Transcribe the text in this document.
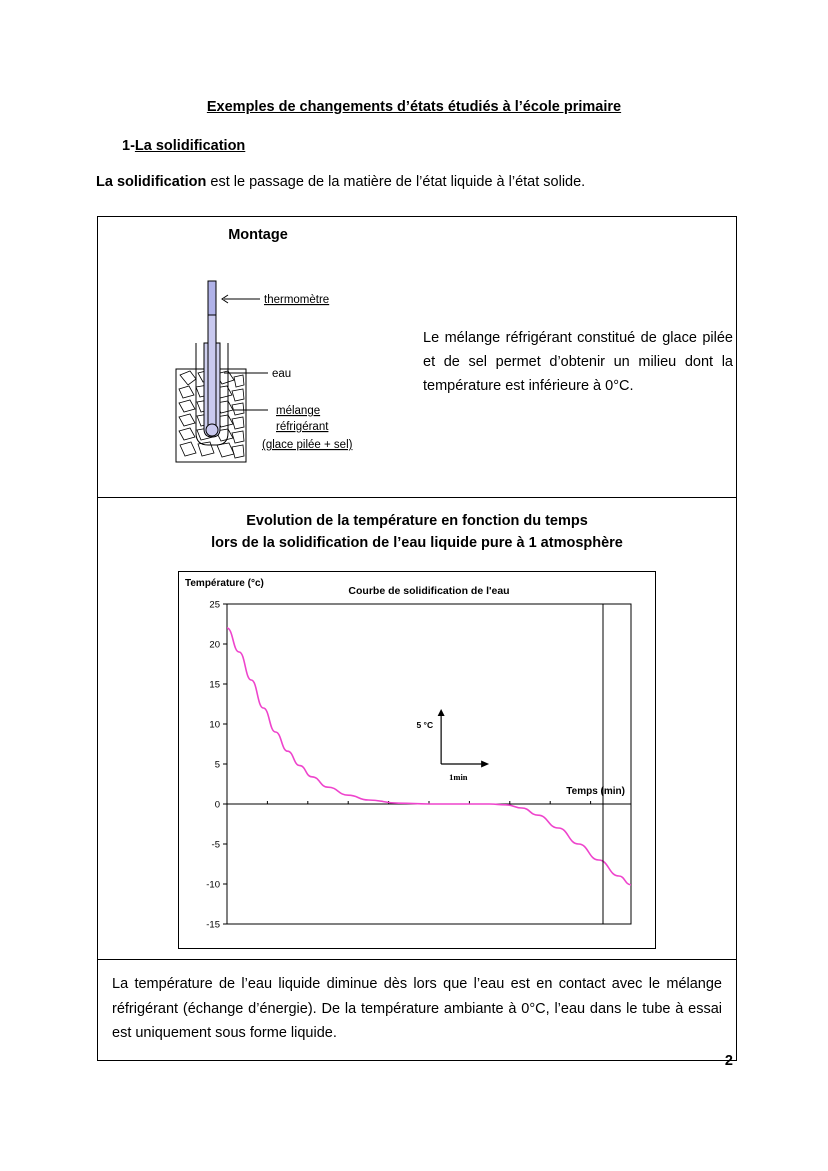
Exemples de changements d’états étudiés à l’école primaire
1-La solidification
La solidification est le passage de la matière de l’état liquide à l’état solide.
Montage
thermomètre
eau
mélange
réfrigérant
(glace pilée + sel)
Le mélange réfrigérant constitué de glace pilée et de sel permet d’obtenir un milieu dont la température est inférieure à 0°C.
Evolution de la température en fonction du temps
lors de la solidification de l’eau liquide pure à 1 atmosphère
Température (°c)
Courbe de solidification de l'eau
25
20
15
10
5
0
-5
-10
-15
Temps (min)
5 °C
1min
La température de l’eau liquide diminue dès lors que l’eau est en contact avec le mélange réfrigérant (échange d’énergie). De la température ambiante à 0°C, l’eau dans le tube à essai est uniquement sous forme liquide.
2
